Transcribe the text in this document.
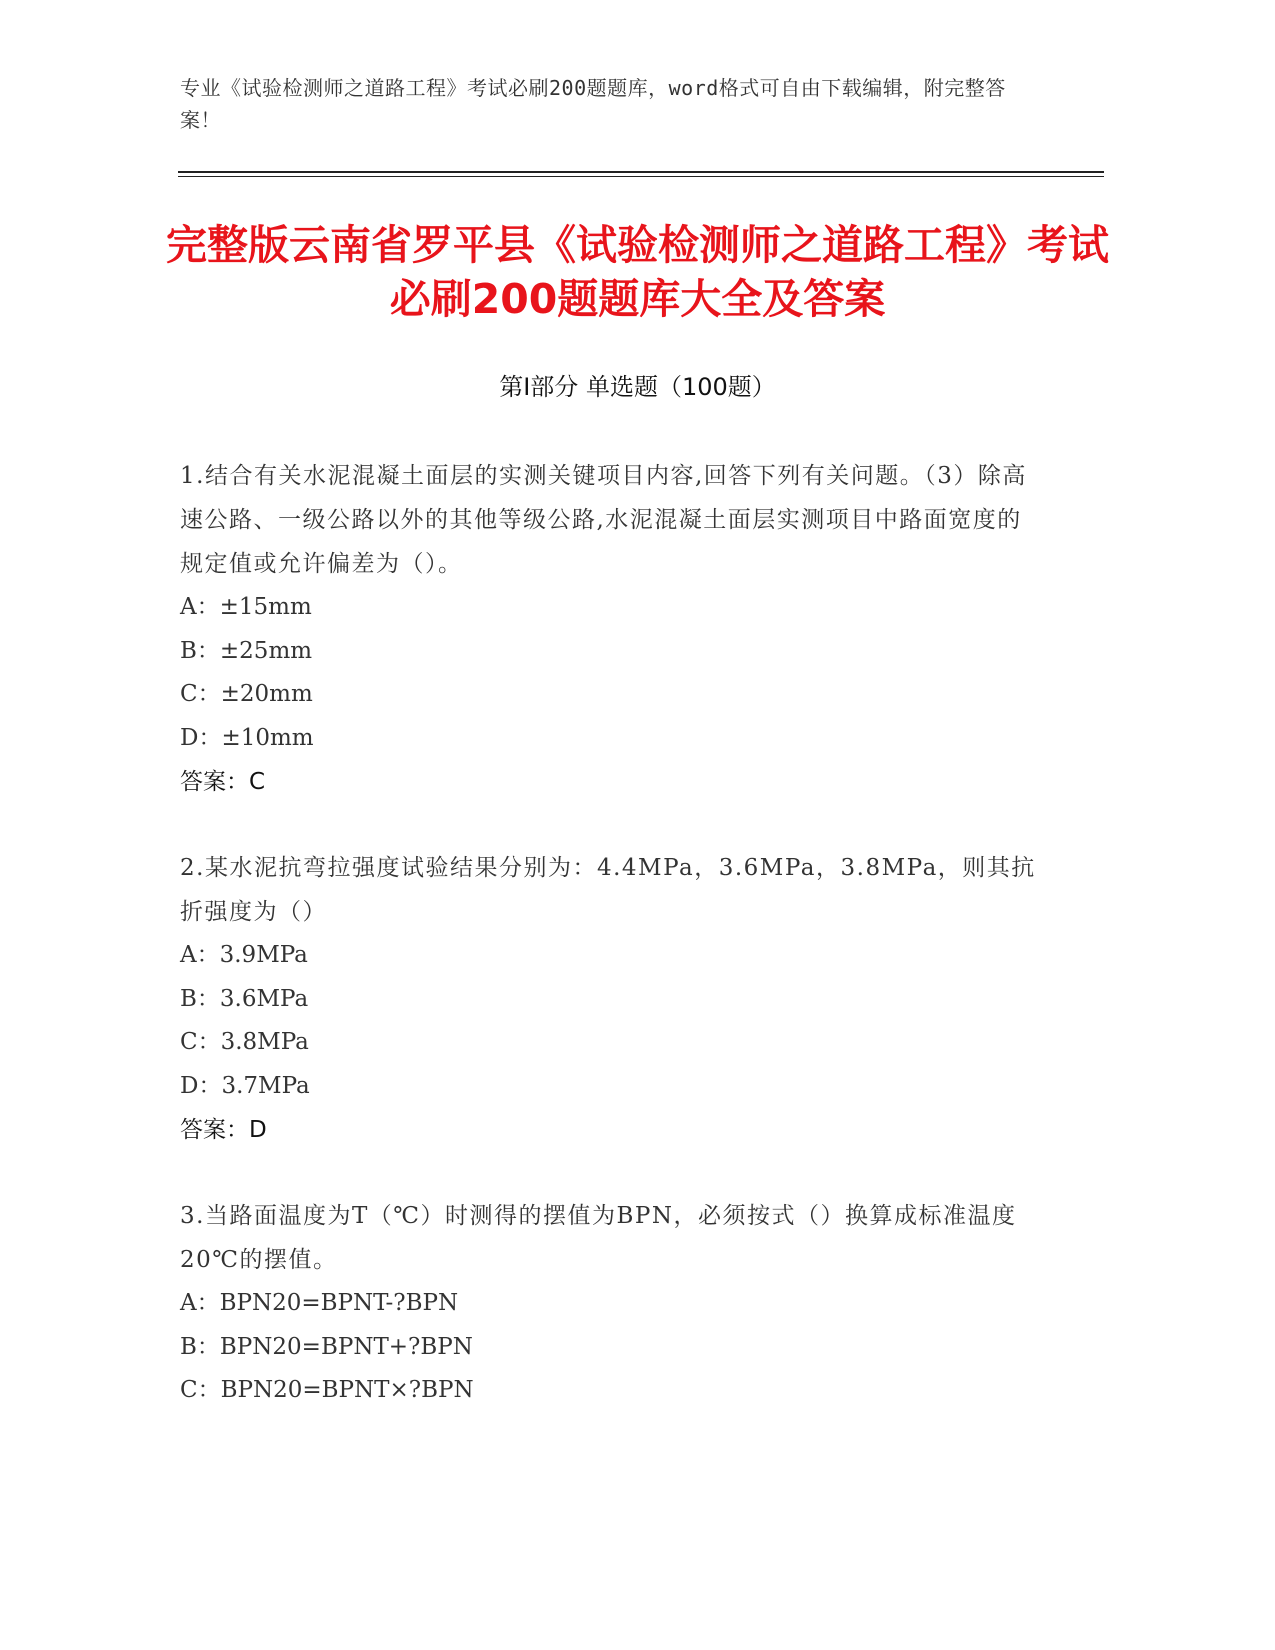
专业《试验检测师之道路工程》考试必刷200题题库，word格式可自由下载编辑，附完整答案！
完整版云南省罗平县《试验检测师之道路工程》考试必刷200题题库大全及答案
第I部分 单选题（100题）
1.结合有关水泥混凝土面层的实测关键项目内容,回答下列有关问题。（3）除高速公路、一级公路以外的其他等级公路,水泥混凝土面层实测项目中路面宽度的规定值或允许偏差为（）。
A：±15mm
B：±25mm
C：±20mm
D：±10mm
答案：C
2.某水泥抗弯拉强度试验结果分别为：4.4MPa，3.6MPa，3.8MPa，则其抗折强度为（）
A：3.9MPa
B：3.6MPa
C：3.8MPa
D：3.7MPa
答案：D
3.当路面温度为T（℃）时测得的摆值为BPN，必须按式（）换算成标准温度20℃的摆值。
A：BPN20=BPNT-?BPN
B：BPN20=BPNT+?BPN
C：BPN20=BPNT×?BPN
